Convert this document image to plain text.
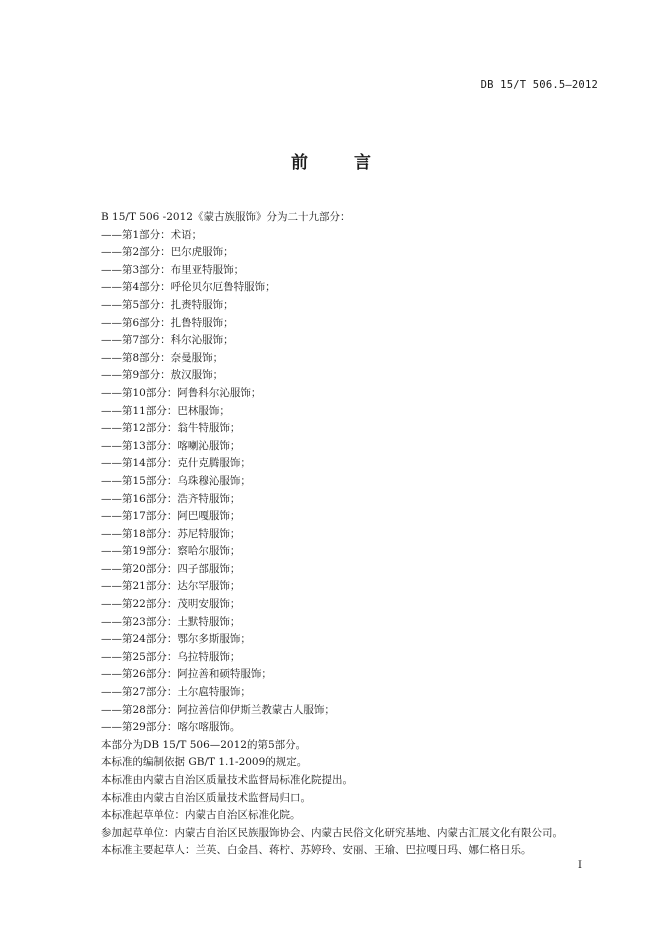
DB 15/T 506.5—2012
前 言
B 15/T 506 -2012《蒙古族服饰》分为二十九部分：
——第1部分：术语；
——第2部分：巴尔虎服饰；
——第3部分：布里亚特服饰；
——第4部分：呼伦贝尔厄鲁特服饰；
——第5部分：扎赉特服饰；
——第6部分：扎鲁特服饰；
——第7部分：科尔沁服饰；
——第8部分：奈曼服饰；
——第9部分：敖汉服饰；
——第10部分：阿鲁科尔沁服饰；
——第11部分：巴林服饰；
——第12部分：翁牛特服饰；
——第13部分：喀喇沁服饰；
——第14部分：克什克腾服饰；
——第15部分：乌珠穆沁服饰；
——第16部分：浩齐特服饰；
——第17部分：阿巴嘎服饰；
——第18部分：苏尼特服饰；
——第19部分：察哈尔服饰；
——第20部分：四子部服饰；
——第21部分：达尔罕服饰；
——第22部分：茂明安服饰；
——第23部分：土默特服饰；
——第24部分：鄂尔多斯服饰；
——第25部分：乌拉特服饰；
——第26部分：阿拉善和硕特服饰；
——第27部分：土尔扈特服饰；
——第28部分：阿拉善信仰伊斯兰教蒙古人服饰；
——第29部分：喀尔喀服饰。
本部分为DB 15/T 506—2012的第5部分。
本标准的编制依据 GB/T 1.1-2009的规定。
本标准由内蒙古自治区质量技术监督局标准化院提出。
本标准由内蒙古自治区质量技术监督局归口。
本标准起草单位：内蒙古自治区标准化院。
参加起草单位：内蒙古自治区民族服饰协会、内蒙古民俗文化研究基地、内蒙古汇展文化有限公司。
本标准主要起草人：兰英、白金昌、蒋柠、苏婷玲、安丽、王瑜、巴拉嘎日玛、娜仁格日乐。
I
